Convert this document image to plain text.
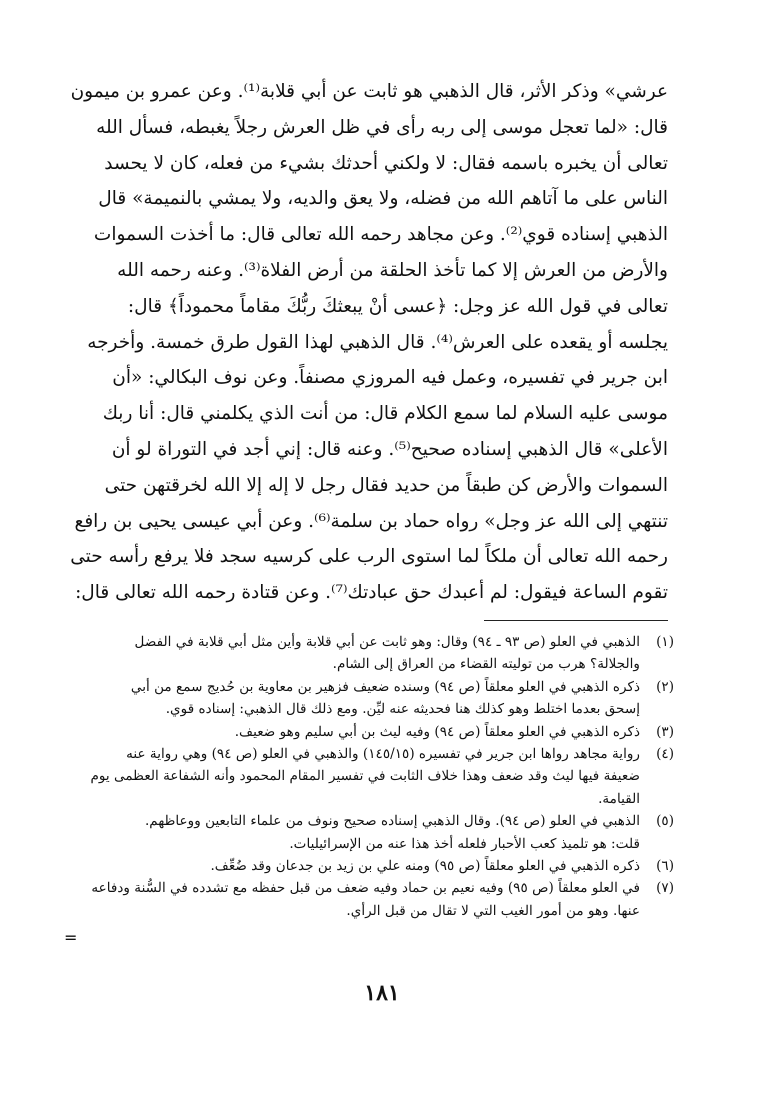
عرشي» وذكر الأثر، قال الذهبي هو ثابت عن أبي قلابة⁽¹⁾. وعن عمرو بن ميمون
قال: «لما تعجل موسى إلى ربه رأى في ظل العرش رجلاً يغبطه، فسأل الله
تعالى أن يخبره باسمه فقال: لا ولكني أحدثك بشيء من فعله، كان لا يحسد
الناس على ما آتاهم الله من فضله، ولا يعق والديه، ولا يمشي بالنميمة» قال
الذهبي إسناده قوي⁽²⁾. وعن مجاهد رحمه الله تعالى قال: ما أخذت السموات
والأرض من العرش إلا كما تأخذ الحلقة من أرض الفلاة⁽³⁾. وعنه رحمه الله
تعالى في قول الله عز وجل: ﴿عسى أنْ يبعثكَ ربُّكَ مقاماً محموداً﴾ قال:
يجلسه أو يقعده على العرش⁽⁴⁾. قال الذهبي لهذا القول طرق خمسة. وأخرجه
ابن جرير في تفسيره، وعمل فيه المروزي مصنفاً. وعن نوف البكالي: «أن
موسى عليه السلام لما سمع الكلام قال: من أنت الذي يكلمني قال: أنا ربك
الأعلى» قال الذهبي إسناده صحيح⁽⁵⁾. وعنه قال: إني أجد في التوراة لو أن
السموات والأرض كن طبقاً من حديد فقال رجل لا إله إلا الله لخرقتهن حتى
تنتهي إلى الله عز وجل» رواه حماد بن سلمة⁽⁶⁾. وعن أبي عيسى يحيى بن رافع
رحمه الله تعالى أن ملكاً لما استوى الرب على كرسيه سجد فلا يرفع رأسه حتى
تقوم الساعة فيقول: لم أعبدك حق عبادتك⁽⁷⁾. وعن قتادة رحمه الله تعالى قال:
(١)
الذهبي في العلو (ص ٩٣ ـ ٩٤) وقال: وهو ثابت عن أبي قلابة وأين مثل أبي قلابة في الفضل
والجلالة؟ هرب من توليته القضاء من العراق إلى الشام.
(٢)
ذكره الذهبي في العلو معلقاً (ص ٩٤) وسنده ضعيف فزهير بن معاوية بن حُديج سمع من أبي
إسحق بعدما اختلط وهو كذلك هنا فحديثه عنه ليِّن. ومع ذلك قال الذهبي: إسناده قوي.
(٣)
ذكره الذهبي في العلو معلقاً (ص ٩٤) وفيه ليث بن أبي سليم وهو ضعيف.
(٤)
رواية مجاهد رواها ابن جرير في تفسيره (١٤٥/١٥) والذهبي في العلو (ص ٩٤) وهي رواية عنه
ضعيفة فيها ليث وقد ضعف وهذا خلاف الثابت في تفسير المقام المحمود وأنه الشفاعة العظمى يوم
القيامة.
(٥)
الذهبي في العلو (ص ٩٤). وقال الذهبي إسناده صحيح ونوف من علماء التابعين ووعاظهم.
قلت: هو تلميذ كعب الأحبار فلعله أخذ هذا عنه من الإسرائيليات.
(٦)
ذكره الذهبي في العلو معلقاً (ص ٩٥) ومنه علي بن زيد بن جدعان وقد ضُعِّف.
(٧)
في العلو معلقاً (ص ٩٥) وفيه نعيم بن حماد وفيه ضعف من قبل حفظه مع تشدده في السُّنة ودفاعه
عنها. وهو من أمور الغيب التي لا تقال من قبل الرأي.
=
١٨١
